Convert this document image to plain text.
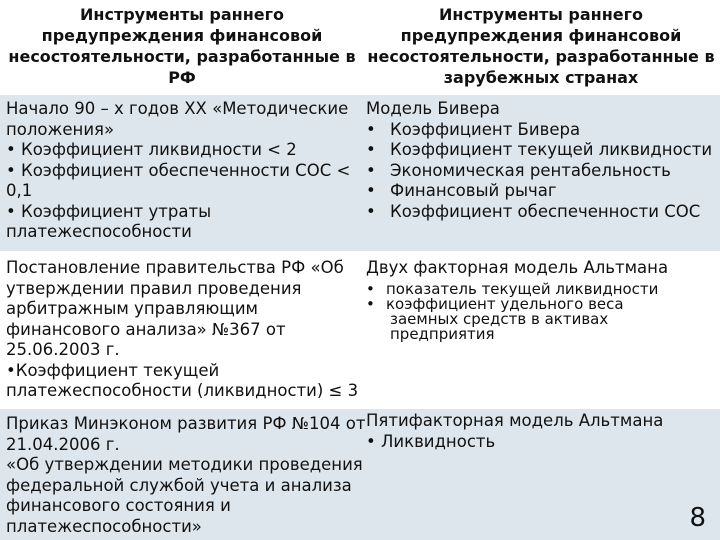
Инструменты раннего
предупреждения финансовой
несостоятельности, разработанные в
РФ
Инструменты раннего
предупреждения финансовой
несостоятельности, разработанные в
зарубежных странах
Начало 90 – х годов ХХ «Методические
положения»
• Коэффициент ликвидности < 2
• Коэффициент обеспеченности СОС <
0,1
• Коэффициент утраты
платежеспособности
Модель Бивера
• Коэффициент Бивера
• Коэффициент текущей ликвидности
• Экономическая рентабельность
• Финансовый рычаг
• Коэффициент обеспеченности СОС
Постановление правительства РФ «Об
утверждении правил проведения
арбитражным управляющим
финансового анализа» №367 от
25.06.2003 г.
•Коэффициент текущей
платежеспособности (ликвидности) ≤ 3
Двух факторная модель Альтмана
• показатель текущей ликвидности
• коэффициент удельного веса
заемных средств в активах
предприятия
Приказ Минэконом развития РФ №104 от
21.04.2006 г.
«Об утверждении методики проведения
федеральной службой учета и анализа
финансового состояния и
платежеспособности»
Пятифакторная модель Альтмана
• Ликвидность
8
